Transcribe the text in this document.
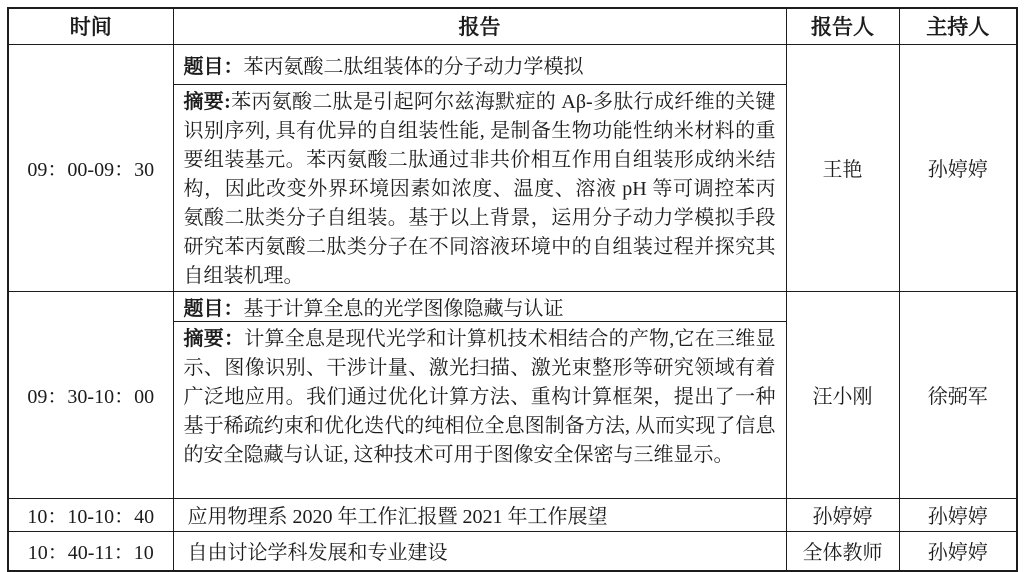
时间	报告	报告人	主持人
09：00-09：30	题目：苯丙氨酸二肽组装体的分子动力学模拟	王艳	孙婷婷
	摘要:苯丙氨酸二肽是引起阿尔兹海默症的 Aβ-多肽行成纤维的关键识别序列, 具有优异的自组装性能, 是制备生物功能性纳米材料的重要组装基元。苯丙氨酸二肽通过非共价相互作用自组装形成纳米结构，因此改变外界环境因素如浓度、温度、溶液 pH 等可调控苯丙氨酸二肽类分子自组装。基于以上背景，运用分子动力学模拟手段研究苯丙氨酸二肽类分子在不同溶液环境中的自组装过程并探究其自组装机理。		
09：30-10：00	题目：基于计算全息的光学图像隐藏与认证	汪小刚	徐弼军
	摘要：计算全息是现代光学和计算机技术相结合的产物,它在三维显示、图像识别、干涉计量、激光扫描、激光束整形等研究领域有着广泛地应用。我们通过优化计算方法、重构计算框架，提出了一种基于稀疏约束和优化迭代的纯相位全息图制备方法, 从而实现了信息的安全隐藏与认证, 这种技术可用于图像安全保密与三维显示。		
10：10-10：40	应用物理系 2020 年工作汇报暨 2021 年工作展望	孙婷婷	孙婷婷
10：40-11：10	自由讨论学科发展和专业建设	全体教师	孙婷婷
